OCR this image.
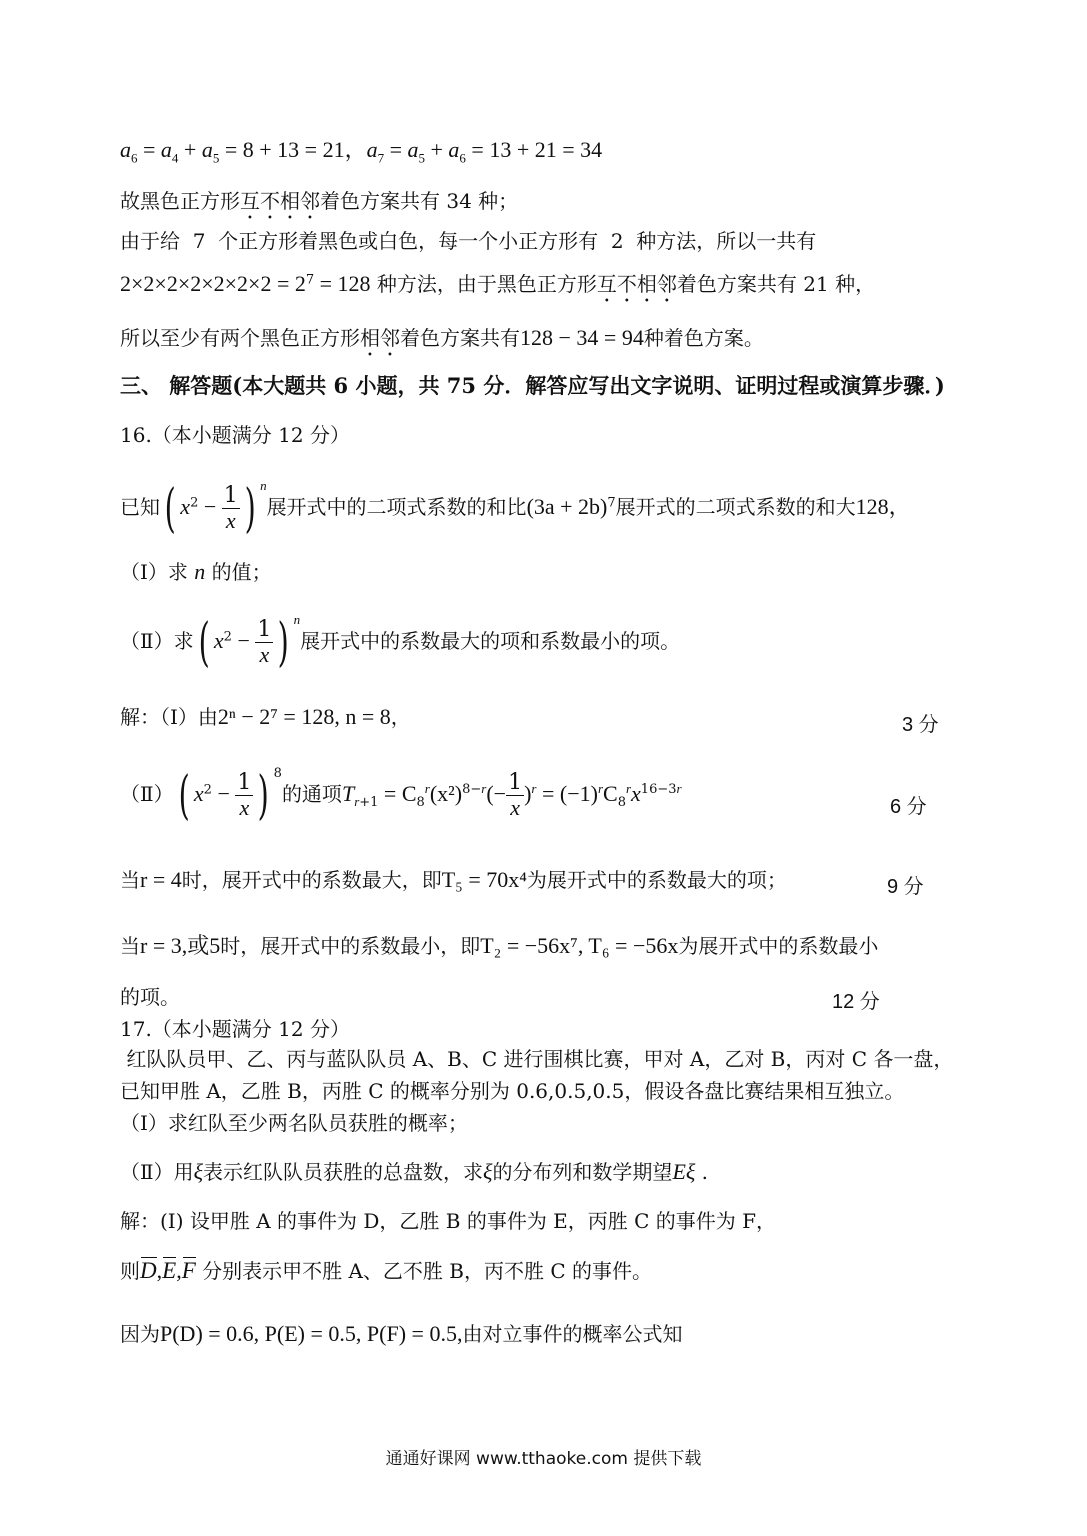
$a_6 = a_4 + a_5 = 8 + 13 = 21$，$a_7 = a_5 + a_6 = 13 + 21 = 34$
故黑色正方形互不相邻着色方案共有 34 种；
由于给  7  个正方形着黑色或白色，每一个小正方形有  2  种方法，所以一共有
$2\times 2\times 2\times 2\times 2\times 2\times 2 = 2^7 = 128$ 种方法，由于黑色正方形互不相邻着色方案共有 21 种，
所以至少有两个黑色正方形相邻着色方案共有128 − 34 = 94种着色方案。
三、 解答题(本大题共 6 小题，共 75 分．解答应写出文字说明、证明过程或演算步骤．)
16.（本小题满分 12 分）
已知( $x^2 - \frac{1}{x}$ ) $^n$展开式中的二项式系数的和比$(3a + 2b)^7$展开式的二项式系数的和大128，
（Ⅰ）求 n 的值；
（Ⅱ）求( $x^2 - \frac{1}{x}$ ) $^n$展开式中的系数最大的项和系数最小的项。
解：（Ⅰ）由2ⁿ − 2⁷ = 128, n = 8，	3 分
（Ⅱ）( $x^2 - \frac{1}{x}$ ) $^8$的通项$T_{r+1} = C_8^r(x^2)^{8-r}(- \frac{1}{x} )^r = (-1)^rC_8^rx^{16-3r}$
6 分
当r = 4时，展开式中的系数最大，即T₅ = 70x⁴为展开式中的系数最大的项；	9 分
当r = 3,或5时，展开式中的系数最小，即T₂ = −56x⁷, T₆ = −56x为展开式中的系数最小
的项。	12 分
17.（本小题满分 12 分）
红队队员甲、乙、丙与蓝队队员 A、B、C 进行围棋比赛，甲对 A，乙对 B，丙对 C 各一盘，
已知甲胜 A，乙胜 B，丙胜 C 的概率分别为 0.6,0.5,0.5，假设各盘比赛结果相互独立。
（Ⅰ）求红队至少两名队员获胜的概率；
（Ⅱ）用ξ表示红队队员获胜的总盘数，求ξ的分布列和数学期望Eξ .
解：(I) 设甲胜 A 的事件为 D，乙胜 B 的事件为 E，丙胜 C 的事件为 F，
则D,E,F 分别表示甲不胜 A、乙不胜 B，丙不胜 C 的事件。
因为P(D) = 0.6, P(E) = 0.5, P(F) = 0.5,由对立事件的概率公式知
通通好课网 www.tthaoke.com 提供下载
